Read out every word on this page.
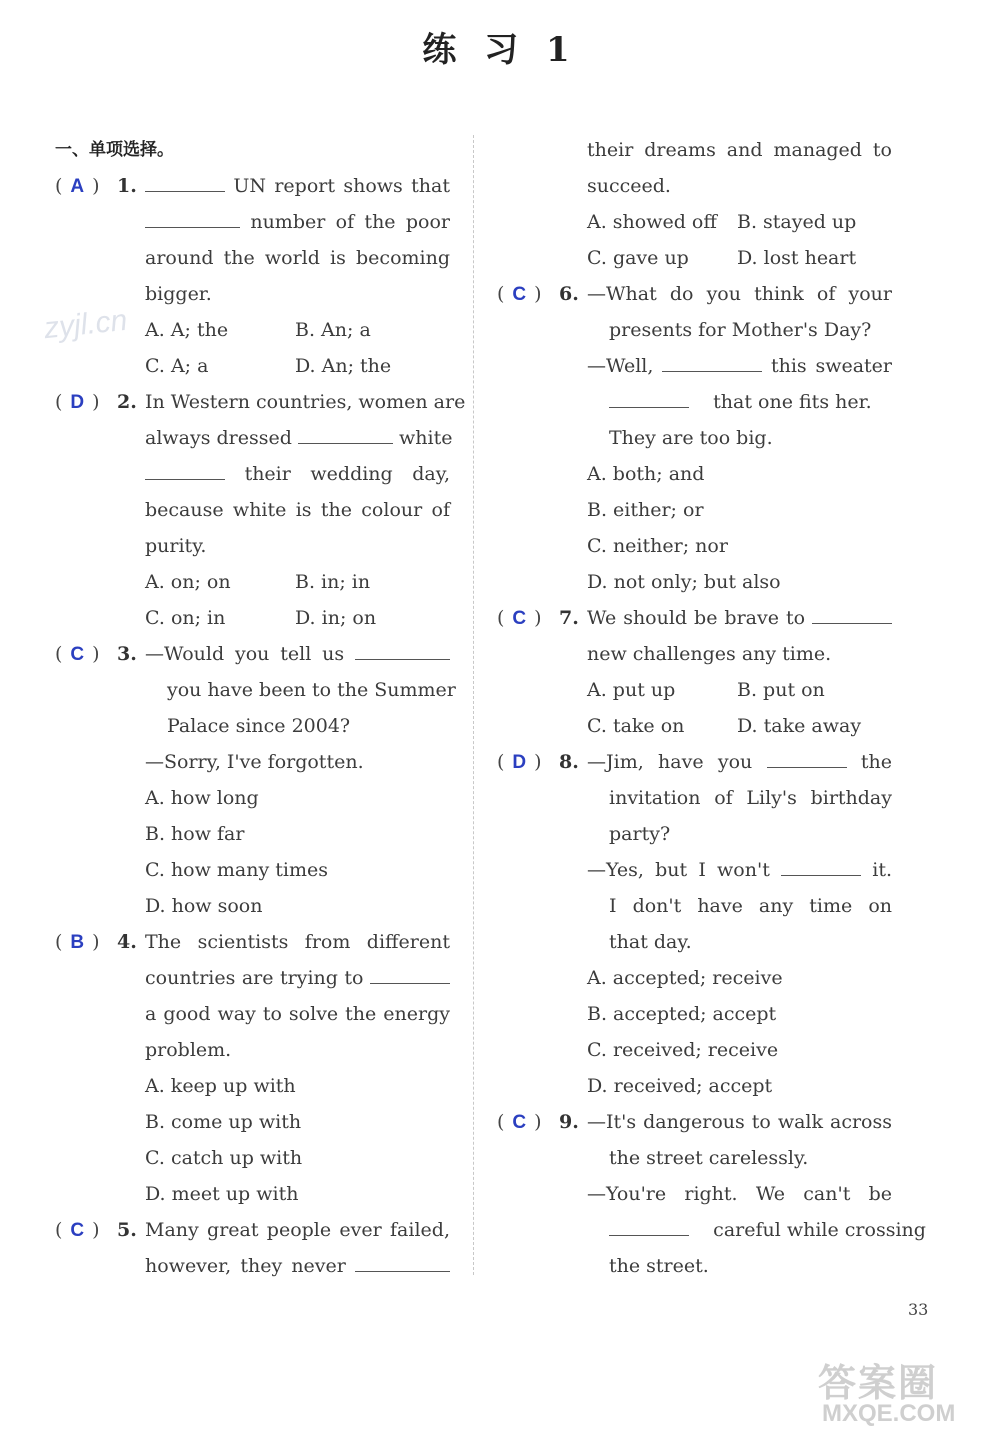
练 习 1
zyjl.cn
一、单项选择。
( A ) 1.	UN report shows that
number of the poor
around the world is becoming
bigger.
A. A; the	B. An; a
C. A; a	D. An; the
( D ) 2. In Western countries, women are
always dressed	white
their wedding day,
because white is the colour of
purity.
A. on; on	B. in; in
C. on; in	D. in; on
( C ) 3. —Would you tell us
you have been to the Summer
Palace since 2004?
—Sorry, I've forgotten.
A. how long
B. how far
C. how many times
D. how soon
( B ) 4. The scientists from different
countries are trying to
a good way to solve the energy
problem.
A. keep up with
B. come up with
C. catch up with
D. meet up with
( C ) 5. Many great people ever failed,
however, they never
their dreams and managed to
succeed.
A. showed off B. stayed up
C. gave up	D. lost heart
( C ) 6. —What do you think of your
presents for Mother's Day?
—Well,	this sweater
that one fits her.
They are too big.
A. both; and
B. either; or
C. neither; nor
D. not only; but also
( C ) 7. We should be brave to
new challenges any time.
A. put up	B. put on
C. take on	D. take away
( D ) 8. —Jim, have you	the
invitation of Lily's birthday
party?
—Yes, but I won't	it.
I don't have any time on
that day.
A. accepted; receive
B. accepted; accept
C. received; receive
D. received; accept
( C ) 9. —It's dangerous to walk across
the street carelessly.
—You're right. We can't be
careful while crossing
the street.
33
答案圈
MXQE.COM
